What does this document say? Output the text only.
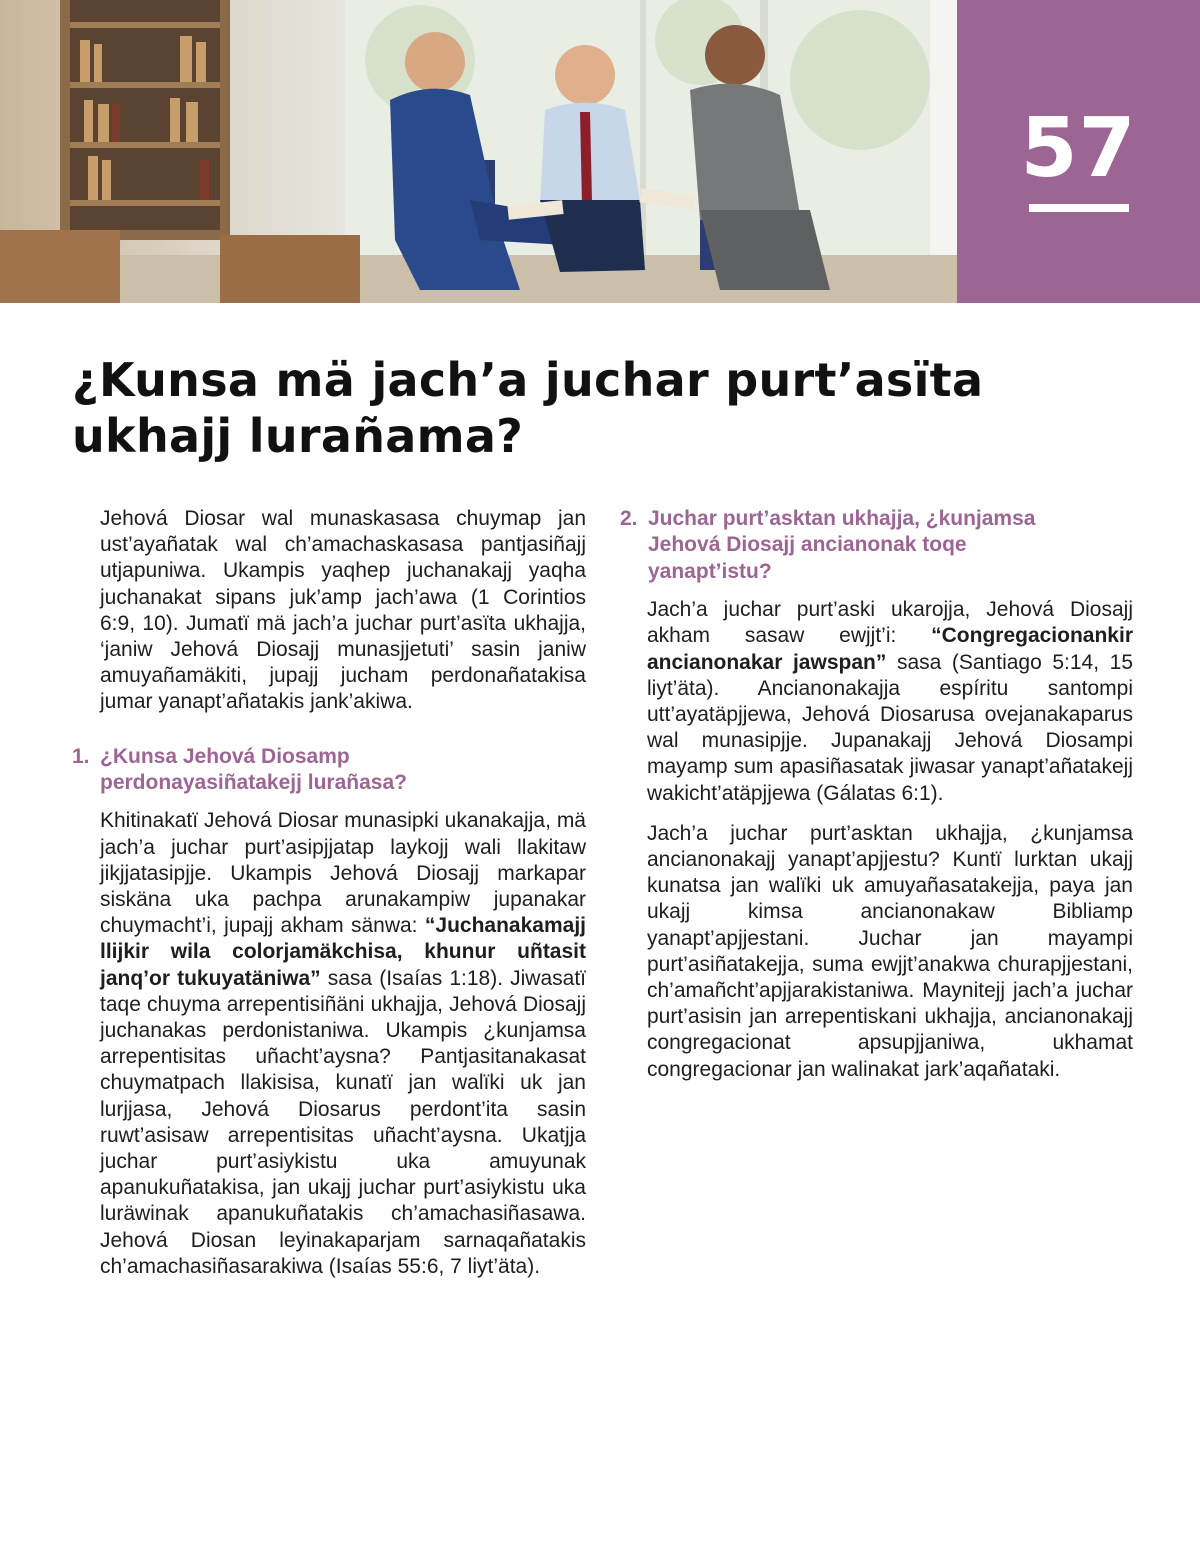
57
¿Kunsa mä jach’a juchar purt’asïta
ukhajj lurañama?

Jehová Diosar wal munaskasasa chuymap jan ust’ayañatak wal ch’amachaskasasa pantjasiñajj utjapuniwa. Ukampis yaqhep juchanakajj yaqha juchanakat sipans juk’amp jach’awa (1 Corintios 6:9, 10). Jumatï mä jach’a juchar purt’asïta ukhajja, ‘janiw Jehová Diosajj munasjjetuti’ sasin janiw amuyañamäkiti, jupajj jucham perdonañatakisa jumar yanapt’añatakis jank’akiwa.

1. ¿Kunsa Jehová Diosamp
perdonayasiñatakejj lurañasa?

Khitinakatï Jehová Diosar munasipki ukanakajja, mä jach’a juchar purt’asipjjatap laykojj wali llakitaw jikjjatasipjje. Ukampis Jehová Diosajj markapar siskäna uka pachpa arunakampiw jupanakar chuymacht’i, jupajj akham sänwa: “Juchanakamajj llijkir wila colorjamäkchisa, khunur uñtasit janq’or tukuyatäniwa” sasa (Isaías 1:18). Jiwasatï taqe chuyma arrepentisiñäni ukhajja, Jehová Diosajj juchanakas perdonistaniwa. Ukampis ¿kunjamsa arrepentisitas uñacht’aysna? Pantjasitanakasat chuymatpach llakisisa, kunatï jan walïki uk jan lurjjasa, Jehová Diosarus perdont’ita sasin ruwt’asisaw arrepentisitas uñacht’aysna. Ukatjja juchar purt’asiykistu uka amuyunak apanukuñatakisa, jan ukajj juchar purt’asiykistu uka luräwinak apanukuñatakis ch’amachasiñasawa. Jehová Diosan leyinakaparjam sarnaqañatakis ch’amachasiñasarakiwa (Isaías 55:6, 7 liyt’äta).

2. Juchar purt’asktan ukhajja, ¿kunjamsa
Jehová Diosajj ancianonak toqe
yanapt’istu?

Jach’a juchar purt’aski ukarojja, Jehová Diosajj akham sasaw ewjjt’i: “Congregacionankir ancianonakar jawspan” sasa (Santiago 5:14, 15 liyt’äta). Ancianonakajja espíritu santompi utt’ayatäpjjewa, Jehová Diosarusa ovejanakaparus wal munasipjje. Jupanakajj Jehová Diosampi mayamp sum apasiñasatak jiwasar yanapt’añatakejj wakicht’atäpjjewa (Gálatas 6:1).

Jach’a juchar purt’asktan ukhajja, ¿kunjamsa ancianonakajj yanapt’apjjestu? Kuntï lurktan ukajj kunatsa jan walïki uk amuyañasatakejja, paya jan ukajj kimsa ancianonakaw Bibliamp yanapt’apjjestani. Juchar jan mayampi purt’asiñatakejja, suma ewjjt’anakwa churapjjestani, ch’amañcht’apjjarakistaniwa. Maynitejj jach’a juchar purt’asisin jan arrepentiskani ukhajja, ancianonakajj congregacionat apsupjjaniwa, ukhamat congregacionar jan walinakat jark’aqañataki.
